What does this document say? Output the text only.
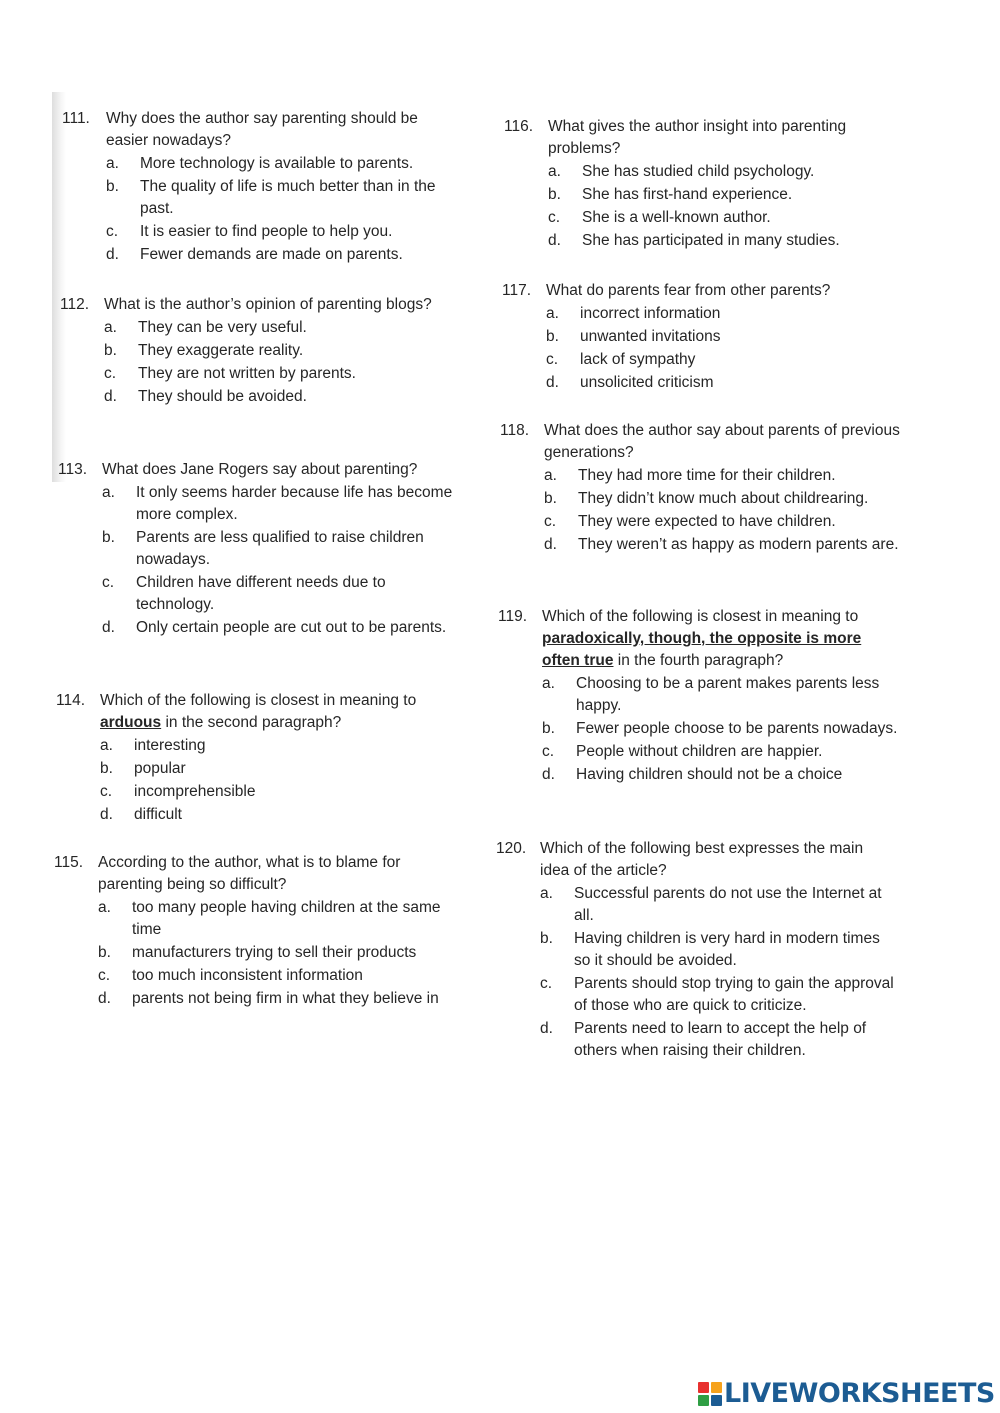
111.	Why does the author say parenting should be easier nowadays?
a.	More technology is available to parents.
b.	The quality of life is much better than in the past.
c.	It is easier to find people to help you.
d.	Fewer demands are made on parents.
112. What is the author’s opinion of parenting blogs?
a.	They can be very useful.
b.	They exaggerate reality.
c.	They are not written by parents.
d.	They should be avoided.
113. What does Jane Rogers say about parenting?
a.	It only seems harder because life has become more complex.
b.	Parents are less qualified to raise children nowadays.
c.	Children have different needs due to technology.
d.	Only certain people are cut out to be parents.
114. Which of the following is closest in meaning to arduous in the second paragraph?
a.	interesting
b.	popular
c.	incomprehensible
d.	difficult
115. According to the author, what is to blame for parenting being so difficult?
a.	too many people having children at the same time
b.	manufacturers trying to sell their products
c.	too much inconsistent information
d.	parents not being firm in what they believe in
116. What gives the author insight into parenting problems?
a.	She has studied child psychology.
b.	She has first-hand experience.
c.	She is a well-known author.
d.	She has participated in many studies.
117. What do parents fear from other parents?
a.	incorrect information
b.	unwanted invitations
c.	lack of sympathy
d.	unsolicited criticism
118. What does the author say about parents of previous generations?
a.	They had more time for their children.
b.	They didn’t know much about childrearing.
c.	They were expected to have children.
d.	They weren’t as happy as modern parents are.
119. Which of the following is closest in meaning to paradoxically, though, the opposite is more often true in the fourth paragraph?
a.	Choosing to be a parent makes parents less happy.
b.	Fewer people choose to be parents nowadays.
c.	People without children are happier.
d.	Having children should not be a choice
120. Which of the following best expresses the main idea of the article?
a.	Successful parents do not use the Internet at all.
b.	Having children is very hard in modern times so it should be avoided.
c.	Parents should stop trying to gain the approval of those who are quick to criticize.
d.	Parents need to learn to accept the help of others when raising their children.
LIVEWORKSHEETS
